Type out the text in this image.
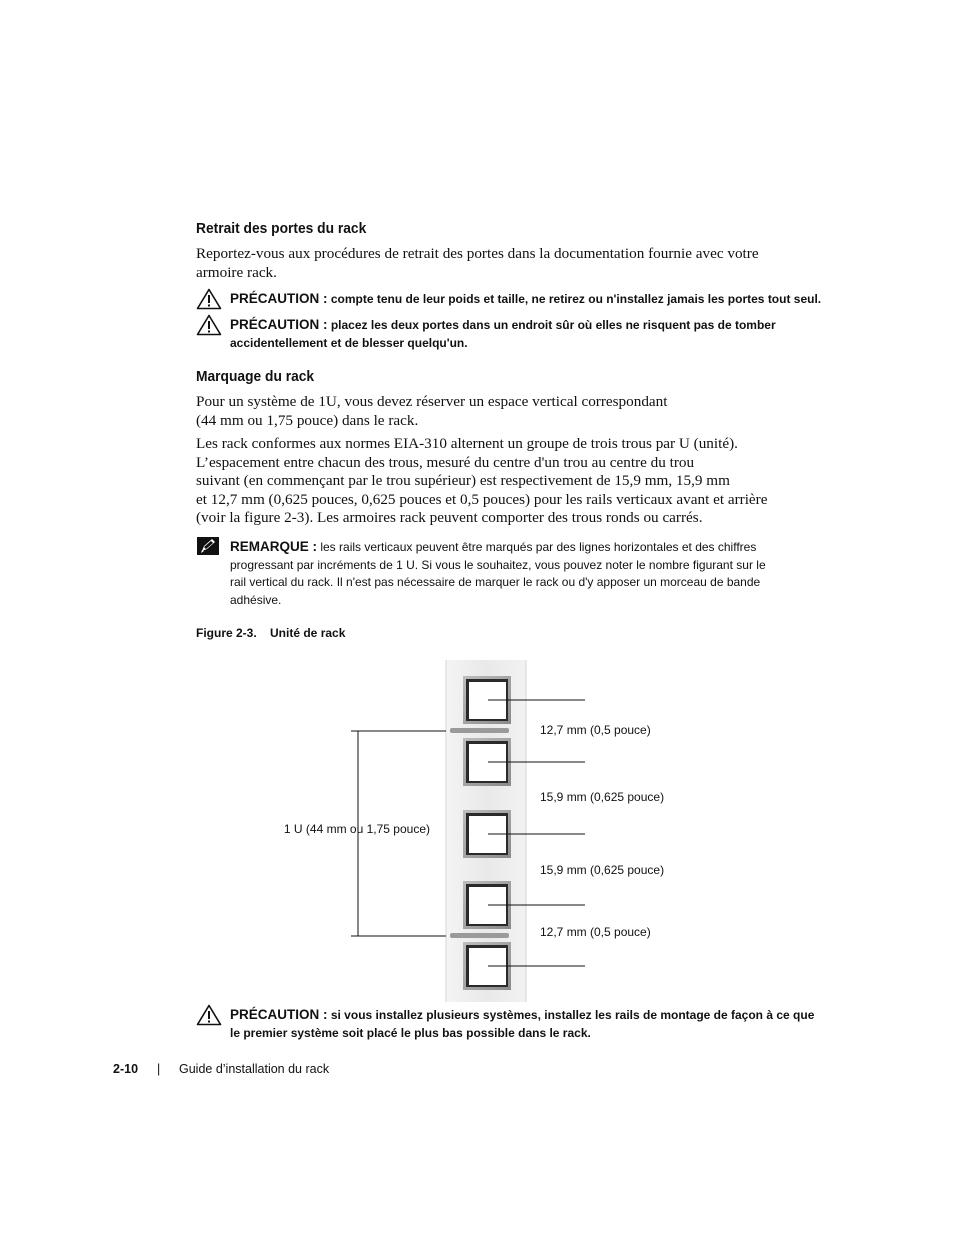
Retrait des portes du rack
Reportez-vous aux procédures de retrait des portes dans la documentation fournie avec votre
armoire rack.
PRÉCAUTION : compte tenu de leur poids et taille, ne retirez ou n'installez jamais les portes tout seul.
PRÉCAUTION : placez les deux portes dans un endroit sûr où elles ne risquent pas de tomber
accidentellement et de blesser quelqu'un.
Marquage du rack
Pour un système de 1U, vous devez réserver un espace vertical correspondant
(44 mm ou 1,75 pouce) dans le rack.
Les rack conformes aux normes EIA-310 alternent un groupe de trois trous par U (unité).
L’espacement entre chacun des trous, mesuré du centre d'un trou au centre du trou
suivant (en commençant par le trou supérieur) est respectivement de 15,9 mm, 15,9 mm
et 12,7 mm (0,625 pouces, 0,625 pouces et 0,5 pouces) pour les rails verticaux avant et arrière
(voir la figure 2-3). Les armoires rack peuvent comporter des trous ronds ou carrés.
REMARQUE : les rails verticaux peuvent être marqués par des lignes horizontales et des chiffres
progressant par incréments de 1 U. Si vous le souhaitez, vous pouvez noter le nombre figurant sur le
rail vertical du rack. Il n'est pas nécessaire de marquer le rack ou d'y apposer un morceau de bande
adhésive.
Figure 2-3.    Unité de rack
1 U (44 mm ou 1,75 pouce)
12,7 mm (0,5 pouce)
15,9 mm (0,625 pouce)
15,9 mm (0,625 pouce)
12,7 mm (0,5 pouce)
PRÉCAUTION : si vous installez plusieurs systèmes, installez les rails de montage de façon à ce que
le premier système soit placé le plus bas possible dans le rack.
2-10 | Guide d’installation du rack
